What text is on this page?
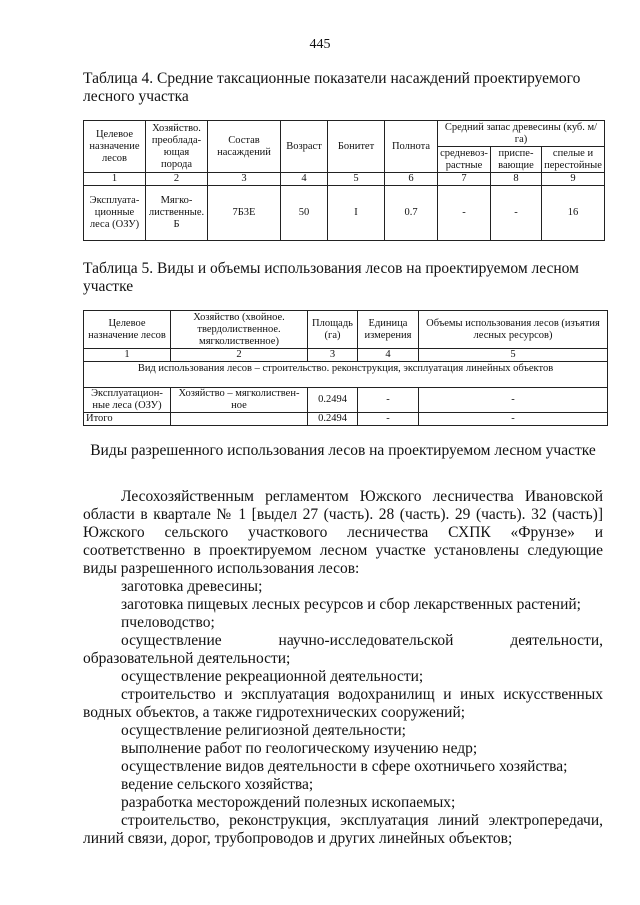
445
Таблица 4. Средние таксационные показатели насаждений проектируемого лесного участка
Целевое назначение лесов	Хозяйство. преоблада-ющая порода	Состав насаждений	Возраст	Бонитет	Полнота	Средний запас древесины (куб. м/га)		
						средневоз-растные	приспе-вающие	спелые и перестойные
1	2	3	4	5	6	7	8	9
Эксплуата-ционные леса (ОЗУ)	Мягко-лиственные. Б	7Б3Е	50	I	0.7	-	-	16
Таблица 5. Виды и объемы использования лесов на проектируемом лесном участке
Целевое назначение лесов	Хозяйство (хвойное. твердолиственное. мягколиственное)	Площадь (га)	Единица измерения	Объемы использования лесов (изъятия лесных ресурсов)
1	2	3	4	5
Вид использования лесов – строительство. реконструкция, эксплуатация линейных объектов				
Эксплуатацион-ные леса (ОЗУ)	Хозяйство – мягколиствен-ное	0.2494	-	-
Итого		0.2494	-	-
Виды разрешенного использования лесов на проектируемом лесном участке

Лесохозяйственным регламентом Южского лесничества Ивановской области в квартале № 1 [выдел 27 (часть). 28 (часть). 29 (часть). 32 (часть)] Южского сельского участкового лесничества СХПК «Фрунзе» и соответственно в проектируемом лесном участке установлены следующие виды разрешенного использования лесов:

заготовка древесины;
заготовка пищевых лесных ресурсов и сбор лекарственных растений;
пчеловодство;
осуществление научно-исследовательской деятельности, образовательной деятельности;
осуществление рекреационной деятельности;
строительство и эксплуатация водохранилищ и иных искусственных водных объектов, а также гидротехнических сооружений;
осуществление религиозной деятельности;
выполнение работ по геологическому изучению недр;
осуществление видов деятельности в сфере охотничьего хозяйства;
ведение сельского хозяйства;
разработка месторождений полезных ископаемых;
строительство, реконструкция, эксплуатация линий электропередачи, линий связи, дорог, трубопроводов и других линейных объектов;
